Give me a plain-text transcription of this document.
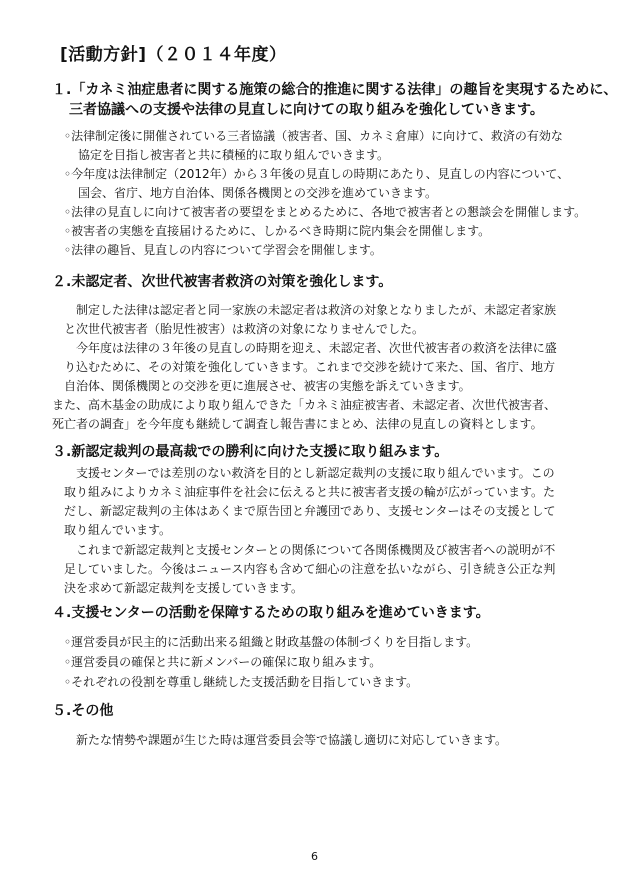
[活動方針]（２０１４年度）
１.「カネミ油症患者に関する施策の総合的推進に関する法律」の趣旨を実現するために、
三者協議への支援や法律の見直しに向けての取り組みを強化していきます。
◦法律制定後に開催されている三者協議（被害者、国、カネミ倉庫）に向けて、救済の有効な
協定を目指し被害者と共に積極的に取り組んでいきます。
◦今年度は法律制定（2012年）から３年後の見直しの時期にあたり、見直しの内容について、
国会、省庁、地方自治体、関係各機関との交渉を進めていきます。
◦法律の見直しに向けて被害者の要望をまとめるために、各地で被害者との懇談会を開催します。
◦被害者の実態を直接届けるために、しかるべき時期に院内集会を開催します。
◦法律の趣旨、見直しの内容について学習会を開催します。
２.未認定者、次世代被害者救済の対策を強化します。
制定した法律は認定者と同一家族の未認定者は救済の対象となりましたが、未認定者家族
と次世代被害者（胎児性被害）は救済の対象になりませんでした。
今年度は法律の３年後の見直しの時期を迎え、未認定者、次世代被害者の救済を法律に盛
り込むために、その対策を強化していきます。これまで交渉を続けて来た、国、省庁、地方
自治体、関係機関との交渉を更に進展させ、被害の実態を訴えていきます。
また、高木基金の助成により取り組んできた「カネミ油症被害者、未認定者、次世代被害者、
死亡者の調査」を今年度も継続して調査し報告書にまとめ、法律の見直しの資料とします。
３.新認定裁判の最高裁での勝利に向けた支援に取り組みます。
支援センターでは差別のない救済を目的とし新認定裁判の支援に取り組んでいます。この
取り組みによりカネミ油症事件を社会に伝えると共に被害者支援の輪が広がっています。た
だし、新認定裁判の主体はあくまで原告団と弁護団であり、支援センターはその支援として
取り組んでいます。
これまで新認定裁判と支援センターとの関係について各関係機関及び被害者への説明が不
足していました。今後はニュース内容も含めて細心の注意を払いながら、引き続き公正な判
決を求めて新認定裁判を支援していきます。
４.支援センターの活動を保障するための取り組みを進めていきます。
◦運営委員が民主的に活動出来る組織と財政基盤の体制づくりを目指します。
◦運営委員の確保と共に新メンバーの確保に取り組みます。
◦それぞれの役割を尊重し継続した支援活動を目指していきます。
５.その他
新たな情勢や課題が生じた時は運営委員会等で協議し適切に対応していきます。
6
